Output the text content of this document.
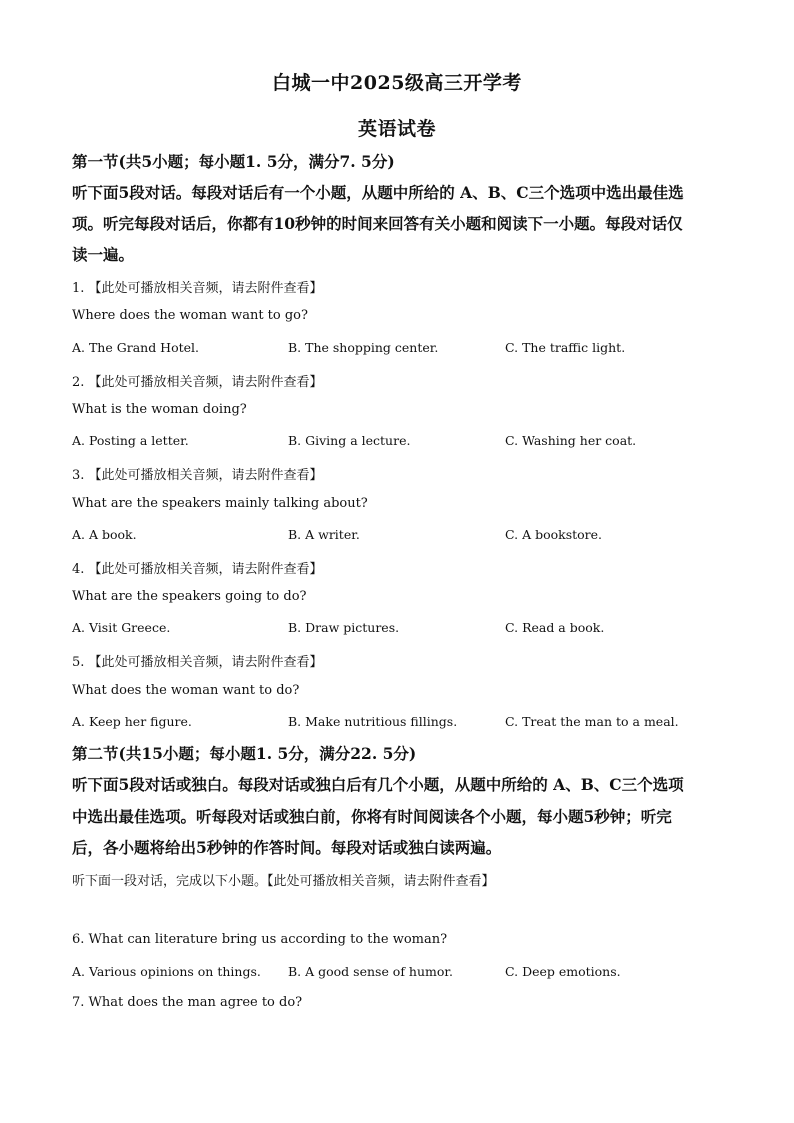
白城一中2025级高三开学考
英语试卷
第一节(共5小题；每小题1. 5分，满分7. 5分)
听下面5段对话。每段对话后有一个小题，从题中所给的 A、B、C三个选项中选出最佳选
项。听完每段对话后，你都有10秒钟的时间来回答有关小题和阅读下一小题。每段对话仅
读一遍。
1. 【此处可播放相关音频，请去附件查看】
Where does the woman want to go?
A. The Grand Hotel.	B. The shopping center.	C. The traffic light.
2. 【此处可播放相关音频，请去附件查看】
What is the woman doing?
A. Posting a letter.	B. Giving a lecture.	C. Washing her coat.
3. 【此处可播放相关音频，请去附件查看】
What are the speakers mainly talking about?
A. A book.	B. A writer.	C. A bookstore.
4. 【此处可播放相关音频，请去附件查看】
What are the speakers going to do?
A. Visit Greece.	B. Draw pictures.	C. Read a book.
5. 【此处可播放相关音频，请去附件查看】
What does the woman want to do?
A. Keep her figure.	B. Make nutritious fillings.	C. Treat the man to a meal.
第二节(共15小题；每小题1. 5分，满分22. 5分)
听下面5段对话或独白。每段对话或独白后有几个小题，从题中所给的 A、B、C三个选项
中选出最佳选项。听每段对话或独白前，你将有时间阅读各个小题，每小题5秒钟；听完
后，各小题将给出5秒钟的作答时间。每段对话或独白读两遍。
听下面一段对话，完成以下小题。【此处可播放相关音频，请去附件查看】
6. What can literature bring us according to the woman?
A. Various opinions on things. B. A good sense of humor.	C. Deep emotions.
7. What does the man agree to do?
